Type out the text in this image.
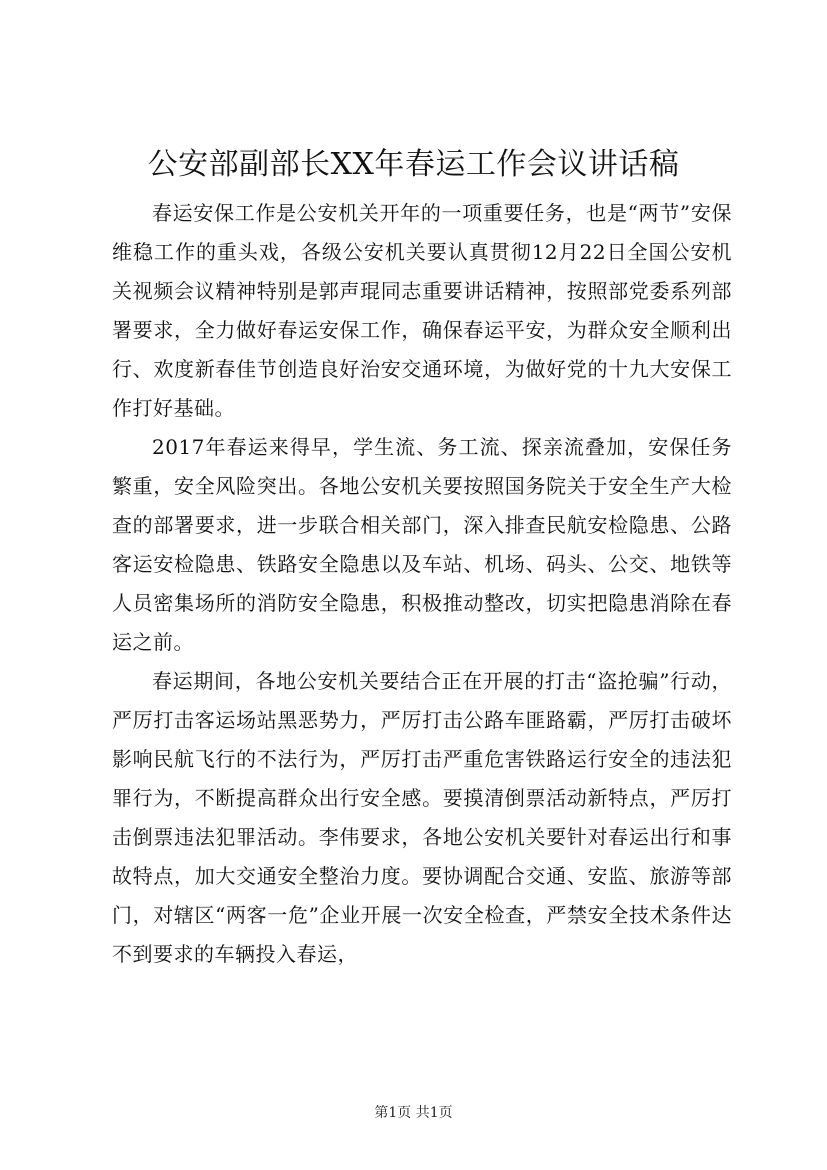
公安部副部长XX年春运工作会议讲话稿

春运安保工作是公安机关开年的一项重要任务，也是“两节”安保维稳工作的重头戏，各级公安机关要认真贯彻12月22日全国公安机关视频会议精神特别是郭声琨同志重要讲话精神，按照部党委系列部署要求，全力做好春运安保工作，确保春运平安，为群众安全顺利出行、欢度新春佳节创造良好治安交通环境，为做好党的十九大安保工作打好基础。

2017年春运来得早，学生流、务工流、探亲流叠加，安保任务繁重，安全风险突出。各地公安机关要按照国务院关于安全生产大检查的部署要求，进一步联合相关部门，深入排查民航安检隐患、公路客运安检隐患、铁路安全隐患以及车站、机场、码头、公交、地铁等人员密集场所的消防安全隐患，积极推动整改，切实把隐患消除在春运之前。

春运期间，各地公安机关要结合正在开展的打击“盗抢骗”行动，严厉打击客运场站黑恶势力，严厉打击公路车匪路霸，严厉打击破坏影响民航飞行的不法行为，严厉打击严重危害铁路运行安全的违法犯罪行为，不断提高群众出行安全感。要摸清倒票活动新特点，严厉打击倒票违法犯罪活动。李伟要求，各地公安机关要针对春运出行和事故特点，加大交通安全整治力度。要协调配合交通、安监、旅游等部门，对辖区“两客一危”企业开展一次安全检查，严禁安全技术条件达不到要求的车辆投入春运，

第1页 共1页
